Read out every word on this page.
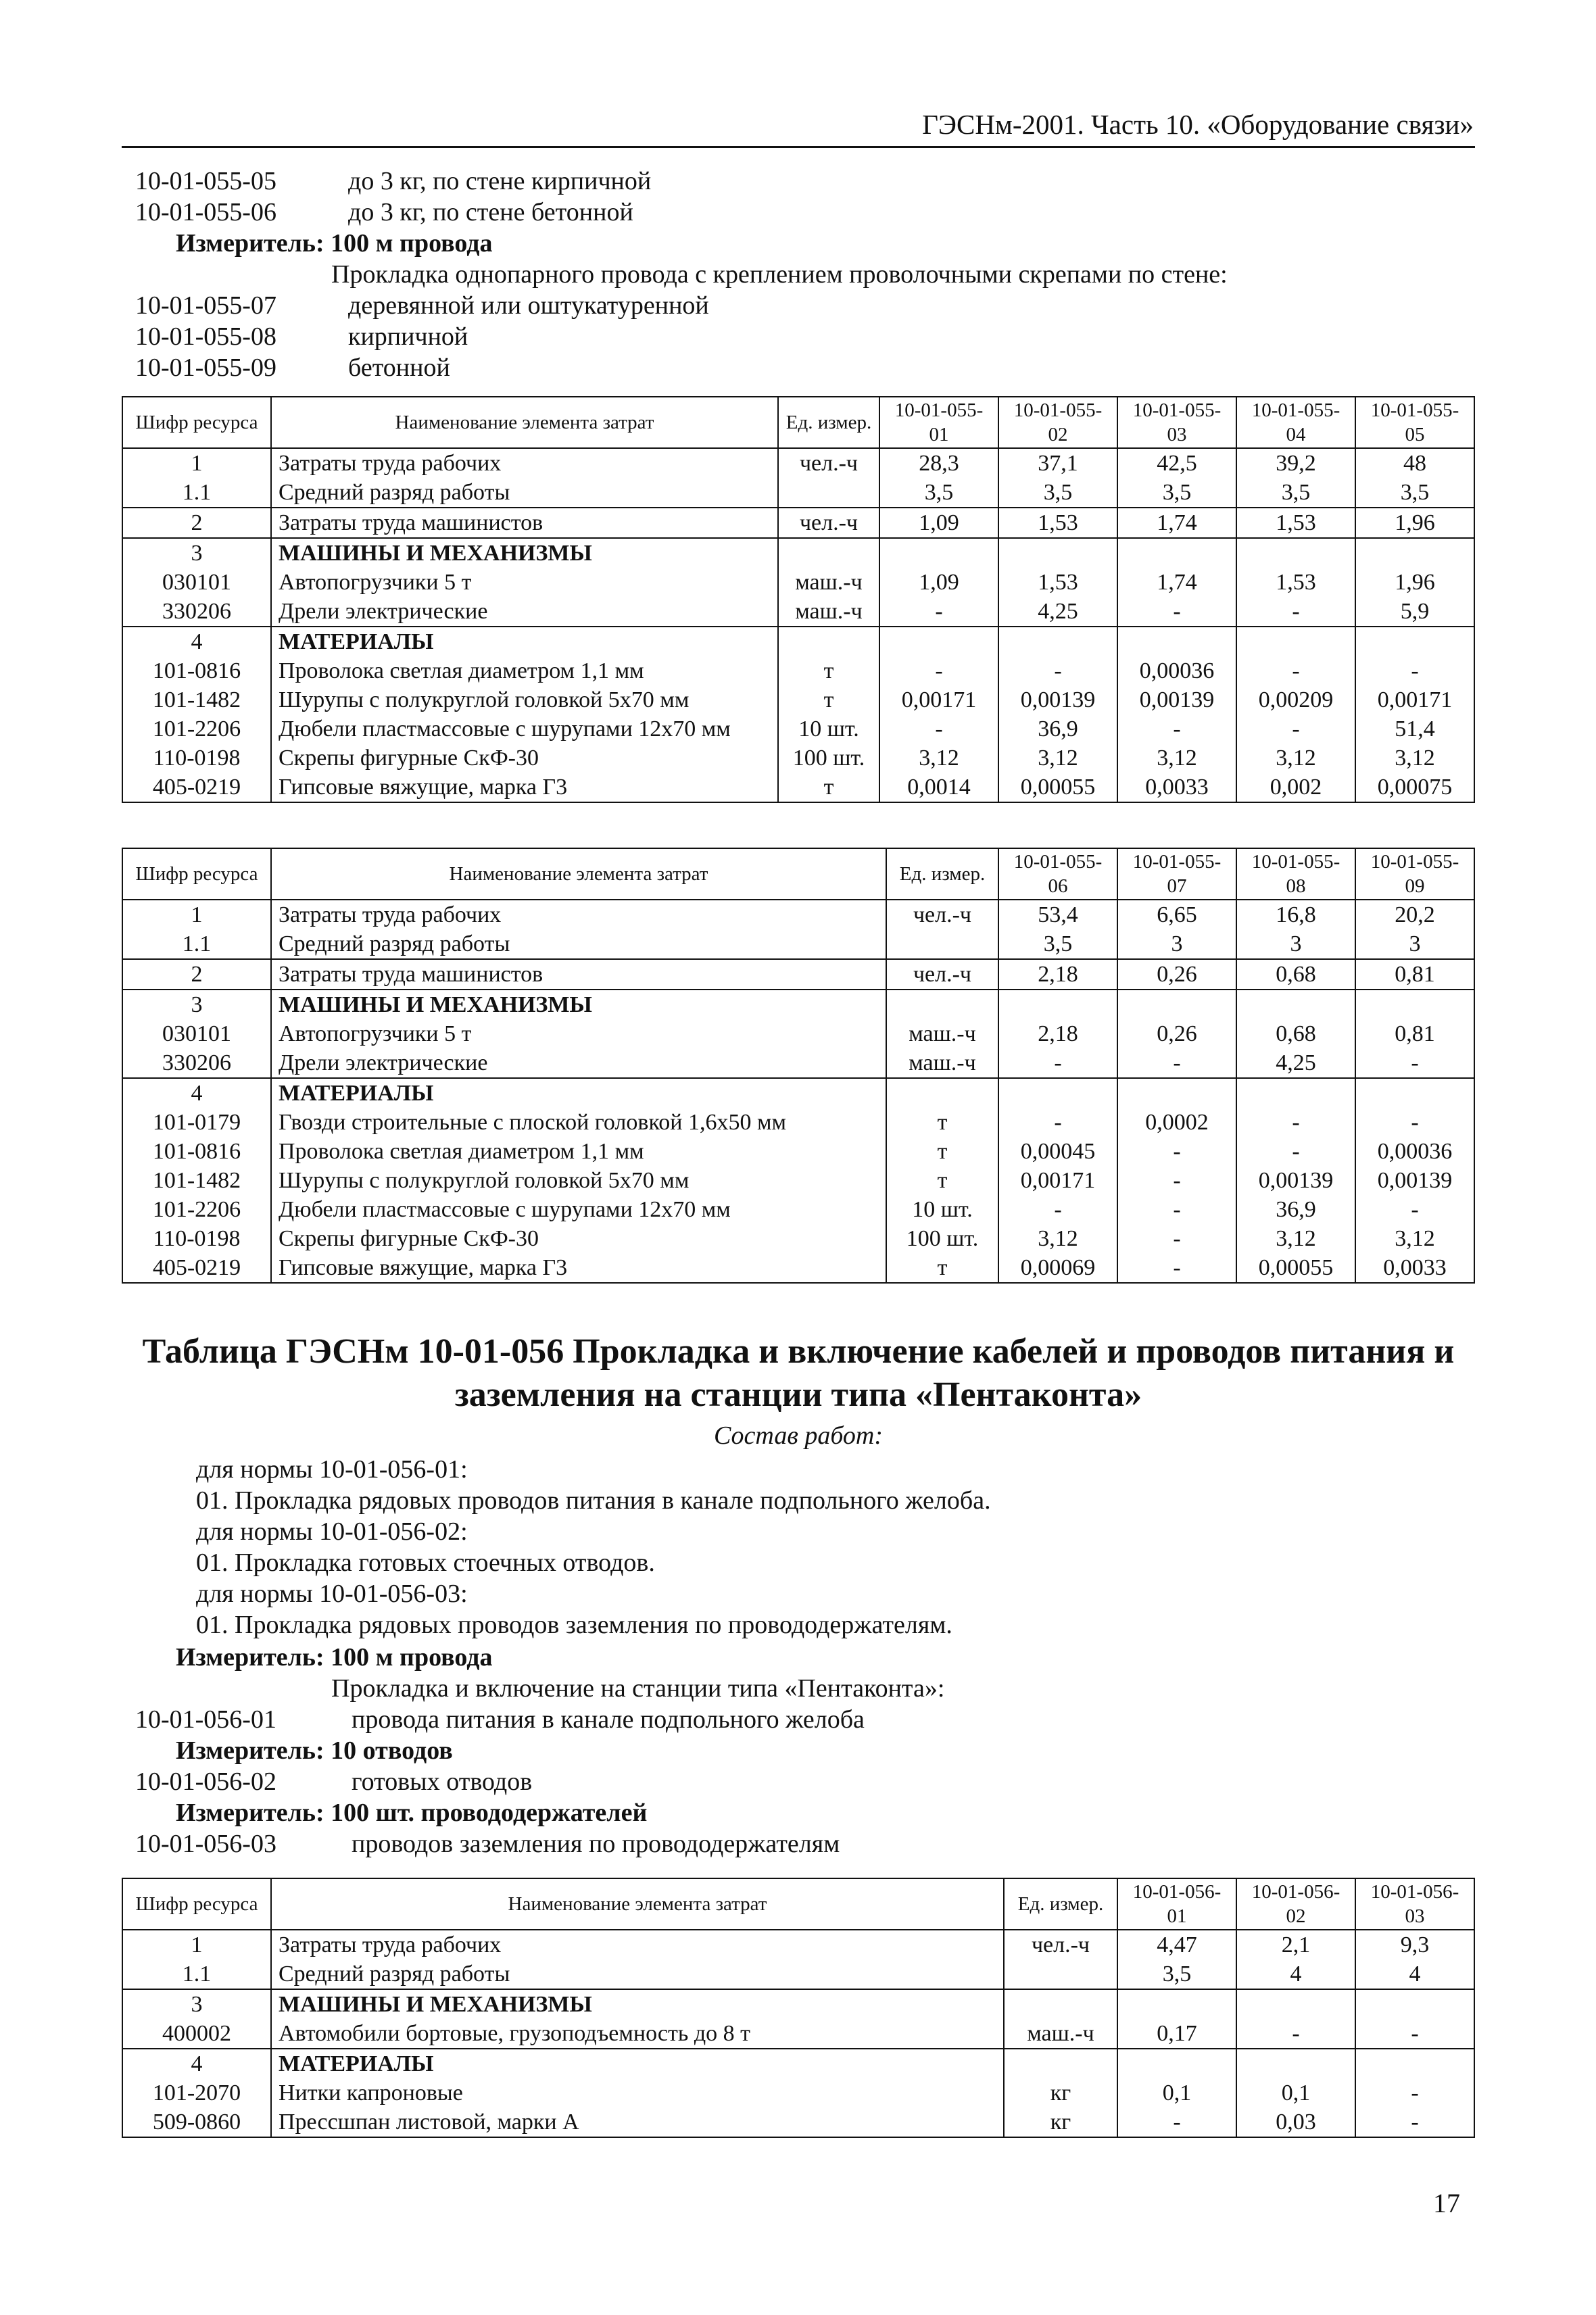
ГЭСНм-2001. Часть 10. «Оборудование связи»
10-01-055-05	до 3 кг, по стене кирпичной
10-01-055-06	до 3 кг, по стене бетонной
Измеритель: 100 м провода
Прокладка однопарного провода с креплением проволочными скрепами по стене:
10-01-055-07	деревянной или оштукатуренной
10-01-055-08	кирпичной
10-01-055-09	бетонной
Шифр ресурса	Наименование элемента затрат	Ед. измер.	10-01-055-01	10-01-055-02	10-01-055-03	10-01-055-04	10-01-055-05
1	Затраты труда рабочих	чел.-ч	28,3	37,1	42,5	39,2	48
1.1	Средний разряд работы		3,5	3,5	3,5	3,5	3,5
2	Затраты труда машинистов	чел.-ч	1,09	1,53	1,74	1,53	1,96
3	МАШИНЫ И МЕХАНИЗМЫ						
030101	Автопогрузчики 5 т	маш.-ч	1,09	1,53	1,74	1,53	1,96
330206	Дрели электрические	маш.-ч	-	4,25	-	-	5,9
4	МАТЕРИАЛЫ						
101-0816	Проволока светлая диаметром 1,1 мм	т	-	-	0,00036	-	-
101-1482	Шурупы с полукруглой головкой 5х70 мм	т	0,00171	0,00139	0,00139	0,00209	0,00171
101-2206	Дюбели пластмассовые с шурупами 12х70 мм	10 шт.	-	36,9	-	-	51,4
110-0198	Скрепы фигурные СкФ-30	100 шт.	3,12	3,12	3,12	3,12	3,12
405-0219	Гипсовые вяжущие, марка Г3	т	0,0014	0,00055	0,0033	0,002	0,00075
Шифр ресурса	Наименование элемента затрат	Ед. измер.	10-01-055-06	10-01-055-07	10-01-055-08	10-01-055-09
1	Затраты труда рабочих	чел.-ч	53,4	6,65	16,8	20,2
1.1	Средний разряд работы		3,5	3	3	3
2	Затраты труда машинистов	чел.-ч	2,18	0,26	0,68	0,81
3	МАШИНЫ И МЕХАНИЗМЫ					
030101	Автопогрузчики 5 т	маш.-ч	2,18	0,26	0,68	0,81
330206	Дрели электрические	маш.-ч	-	-	4,25	-
4	МАТЕРИАЛЫ					
101-0179	Гвозди строительные с плоской головкой 1,6х50 мм	т	-	0,0002	-	-
101-0816	Проволока светлая диаметром 1,1 мм	т	0,00045	-	-	0,00036
101-1482	Шурупы с полукруглой головкой 5х70 мм	т	0,00171	-	0,00139	0,00139
101-2206	Дюбели пластмассовые с шурупами 12х70 мм	10 шт.	-	-	36,9	-
110-0198	Скрепы фигурные СкФ-30	100 шт.	3,12	-	3,12	3,12
405-0219	Гипсовые вяжущие, марка Г3	т	0,00069	-	0,00055	0,0033
Таблица ГЭСНм 10-01-056 Прокладка и включение кабелей и проводов питания и
заземления на станции типа «Пентаконта»
Состав работ:
для нормы 10-01-056-01:
01. Прокладка рядовых проводов питания в канале подпольного желоба.
для нормы 10-01-056-02:
01. Прокладка готовых стоечных отводов.
для нормы 10-01-056-03:
01. Прокладка рядовых проводов заземления по провододержателям.
Измеритель: 100 м провода
Прокладка и включение на станции типа «Пентаконта»:
10-01-056-01	провода питания в канале подпольного желоба
Измеритель: 10 отводов
10-01-056-02	готовых отводов
Измеритель: 100 шт. провододержателей
10-01-056-03	проводов заземления по провододержателям
Шифр ресурса	Наименование элемента затрат	Ед. измер.	10-01-056-01	10-01-056-02	10-01-056-03
1	Затраты труда рабочих	чел.-ч	4,47	2,1	9,3
1.1	Средний разряд работы		3,5	4	4
3	МАШИНЫ И МЕХАНИЗМЫ				
400002	Автомобили бортовые, грузоподъемность до 8 т	маш.-ч	0,17	-	-
4	МАТЕРИАЛЫ				
101-2070	Нитки капроновые	кг	0,1	0,1	-
509-0860	Прессшпан листовой, марки А	кг	-	0,03	-
17
